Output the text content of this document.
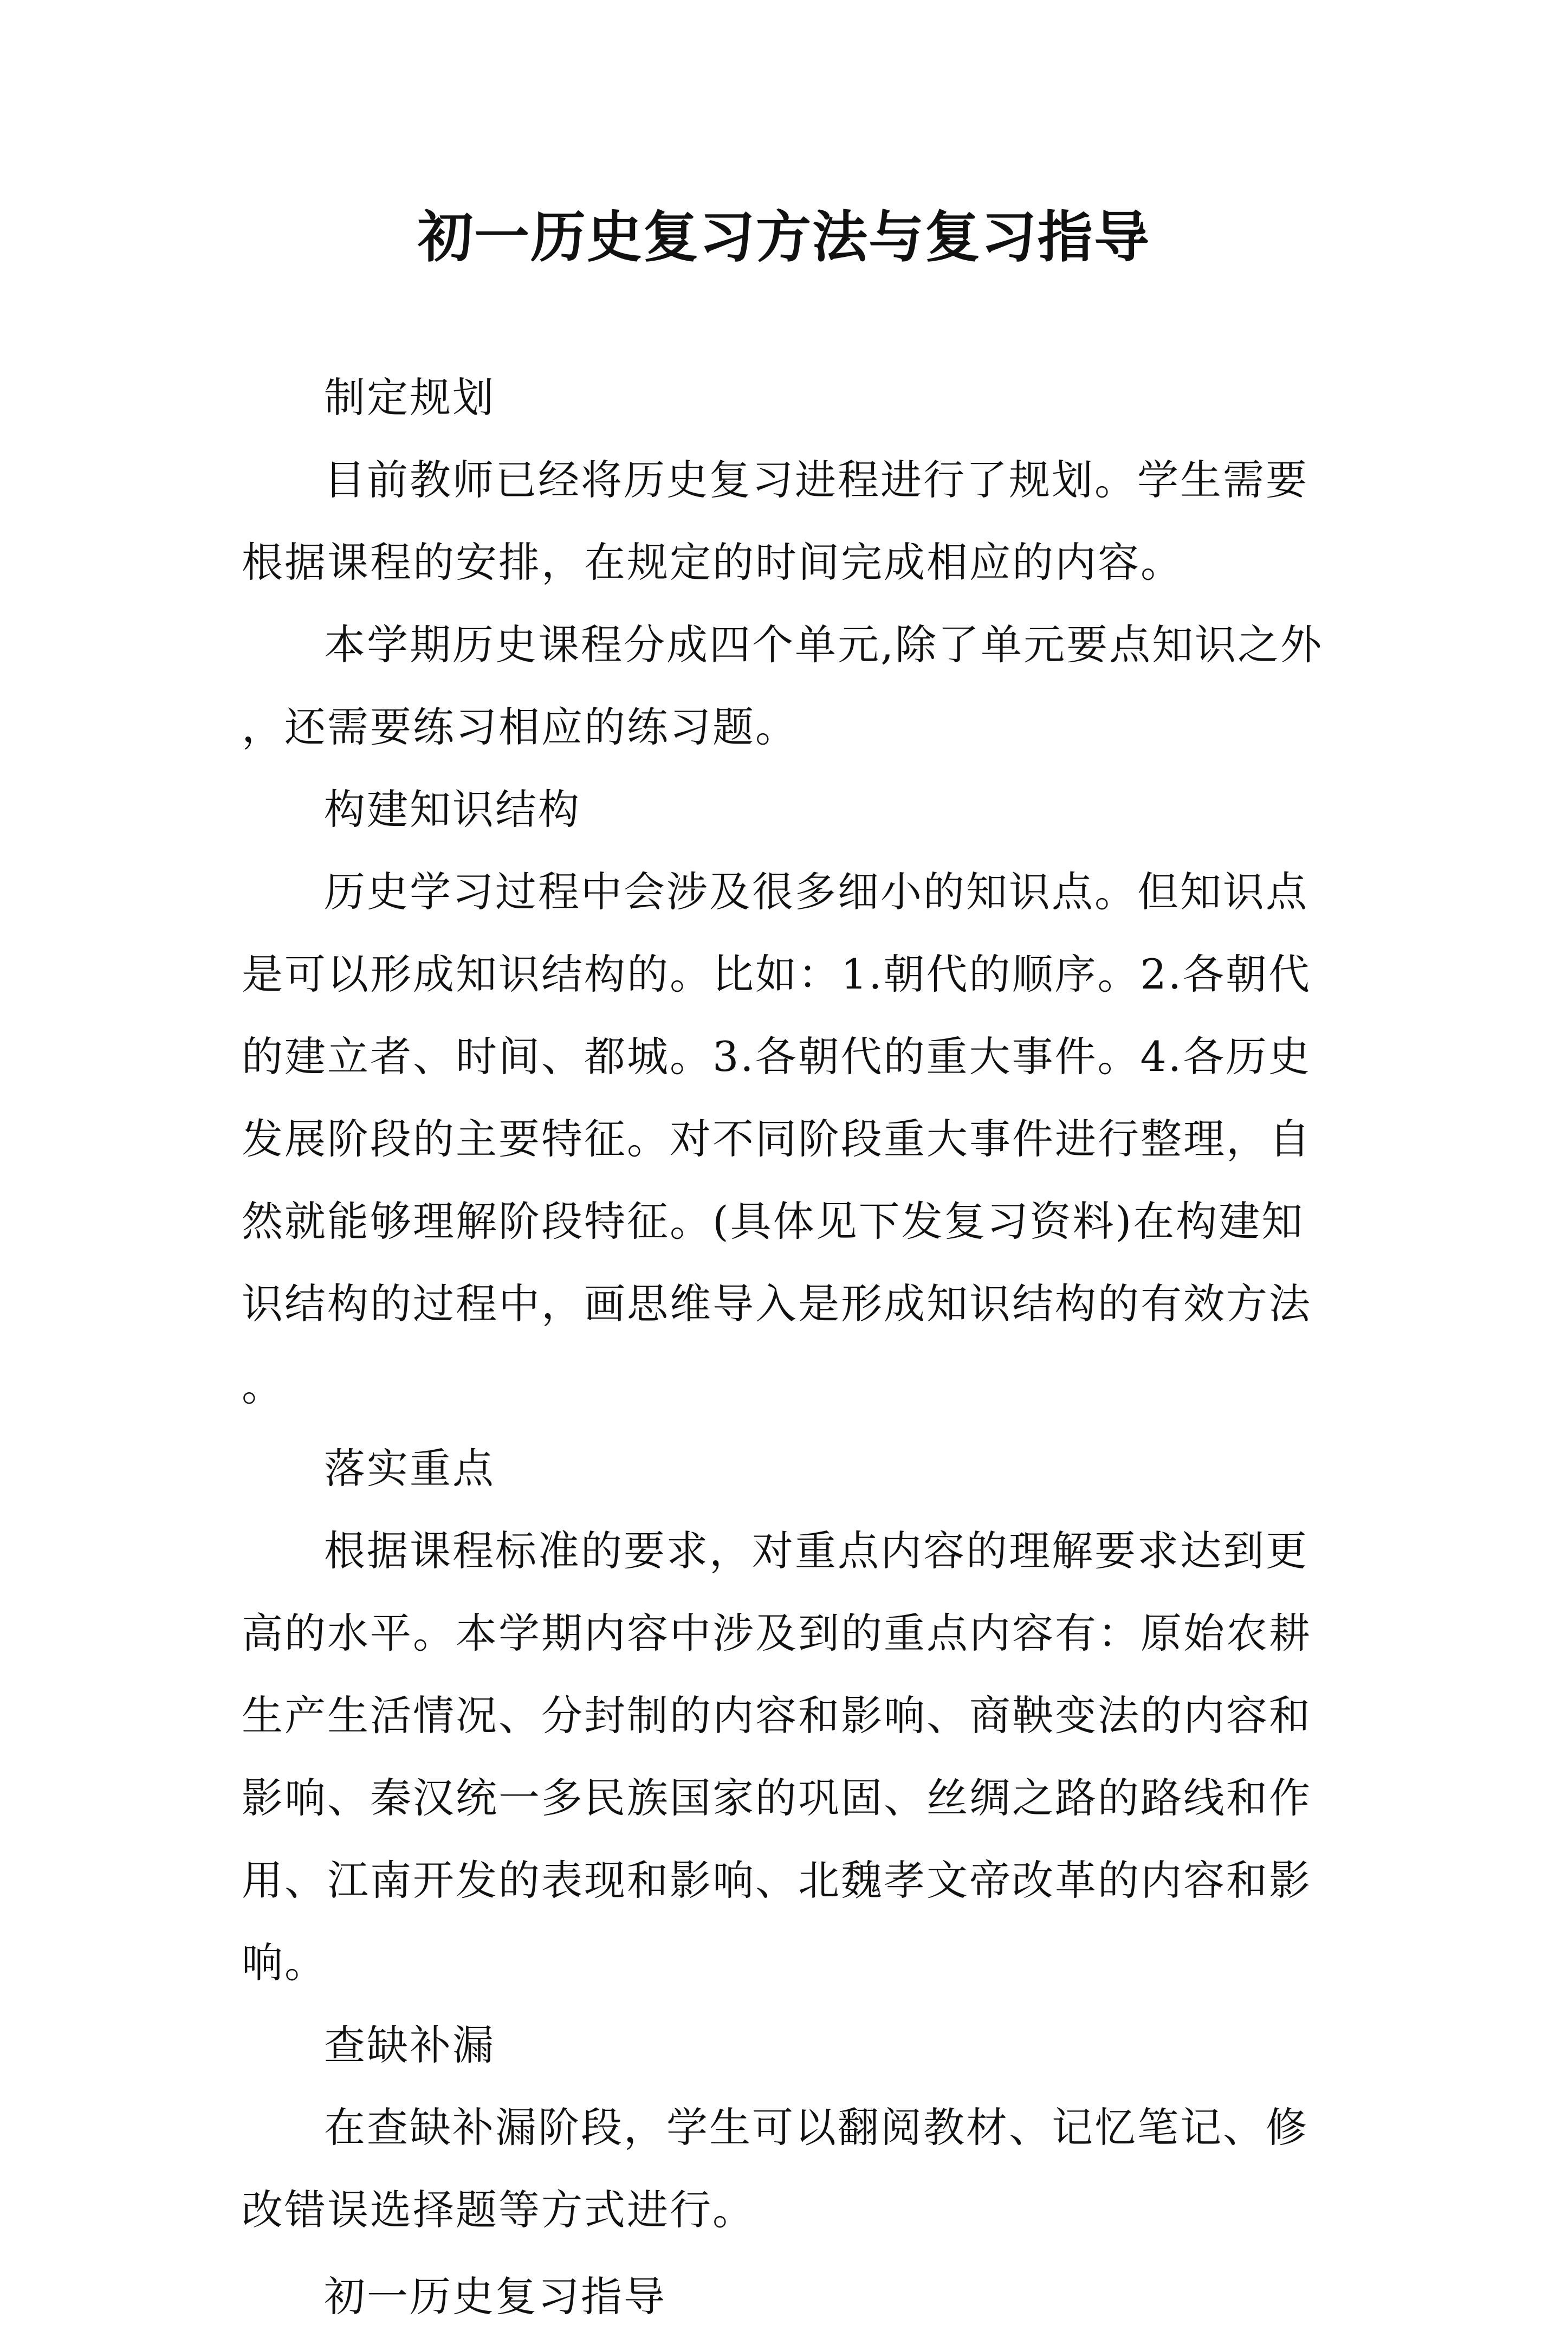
初一历史复习方法与复习指导

制定规划

目前教师已经将历史复习进程进行了规划。学生需要根据课程的安排，在规定的时间完成相应的内容。

本学期历史课程分成四个单元,除了单元要点知识之外，还需要练习相应的练习题。

构建知识结构

历史学习过程中会涉及很多细小的知识点。但知识点是可以形成知识结构的。比如：1.朝代的顺序。2.各朝代的建立者、时间、都城。3.各朝代的重大事件。4.各历史发展阶段的主要特征。对不同阶段重大事件进行整理，自然就能够理解阶段特征。(具体见下发复习资料)在构建知识结构的过程中，画思维导入是形成知识结构的有效方法。

落实重点

根据课程标准的要求，对重点内容的理解要求达到更高的水平。本学期内容中涉及到的重点内容有：原始农耕生产生活情况、分封制的内容和影响、商鞅变法的内容和影响、秦汉统一多民族国家的巩固、丝绸之路的路线和作用、江南开发的表现和影响、北魏孝文帝改革的内容和影响。

查缺补漏

在查缺补漏阶段，学生可以翻阅教材、记忆笔记、修改错误选择题等方式进行。

初一历史复习指导
